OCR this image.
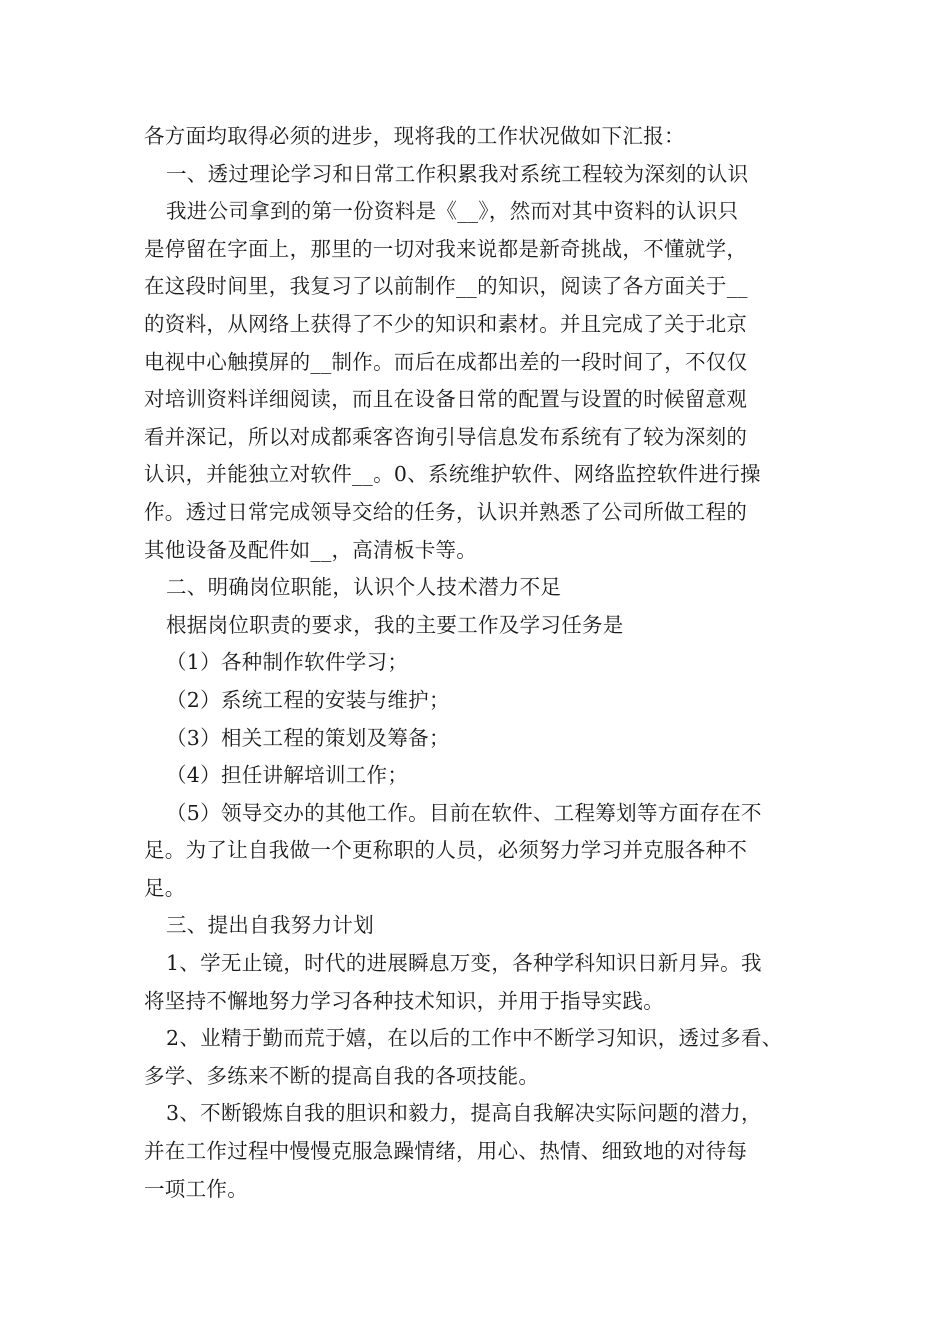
各方面均取得必须的进步，现将我的工作状况做如下汇报：
一、透过理论学习和日常工作积累我对系统工程较为深刻的认识
我进公司拿到的第一份资料是《__》，然而对其中资料的认识只
是停留在字面上，那里的一切对我来说都是新奇挑战，不懂就学，
在这段时间里，我复习了以前制作__的知识，阅读了各方面关于__
的资料，从网络上获得了不少的知识和素材。并且完成了关于北京
电视中心触摸屏的__制作。而后在成都出差的一段时间了，不仅仅
对培训资料详细阅读，而且在设备日常的配置与设置的时候留意观
看并深记，所以对成都乘客咨询引导信息发布系统有了较为深刻的
认识，并能独立对软件__。0、系统维护软件、网络监控软件进行操
作。透过日常完成领导交给的任务，认识并熟悉了公司所做工程的
其他设备及配件如__，高清板卡等。
二、明确岗位职能，认识个人技术潜力不足
根据岗位职责的要求，我的主要工作及学习任务是
（1）各种制作软件学习；
（2）系统工程的安装与维护；
（3）相关工程的策划及筹备；
（4）担任讲解培训工作；
（5）领导交办的其他工作。目前在软件、工程筹划等方面存在不
足。为了让自我做一个更称职的人员，必须努力学习并克服各种不
足。
三、提出自我努力计划
1、学无止镜，时代的进展瞬息万变，各种学科知识日新月异。我
将坚持不懈地努力学习各种技术知识，并用于指导实践。
2、业精于勤而荒于嬉，在以后的工作中不断学习知识，透过多看、
多学、多练来不断的提高自我的各项技能。
3、不断锻炼自我的胆识和毅力，提高自我解决实际问题的潜力，
并在工作过程中慢慢克服急躁情绪，用心、热情、细致地的对待每
一项工作。
